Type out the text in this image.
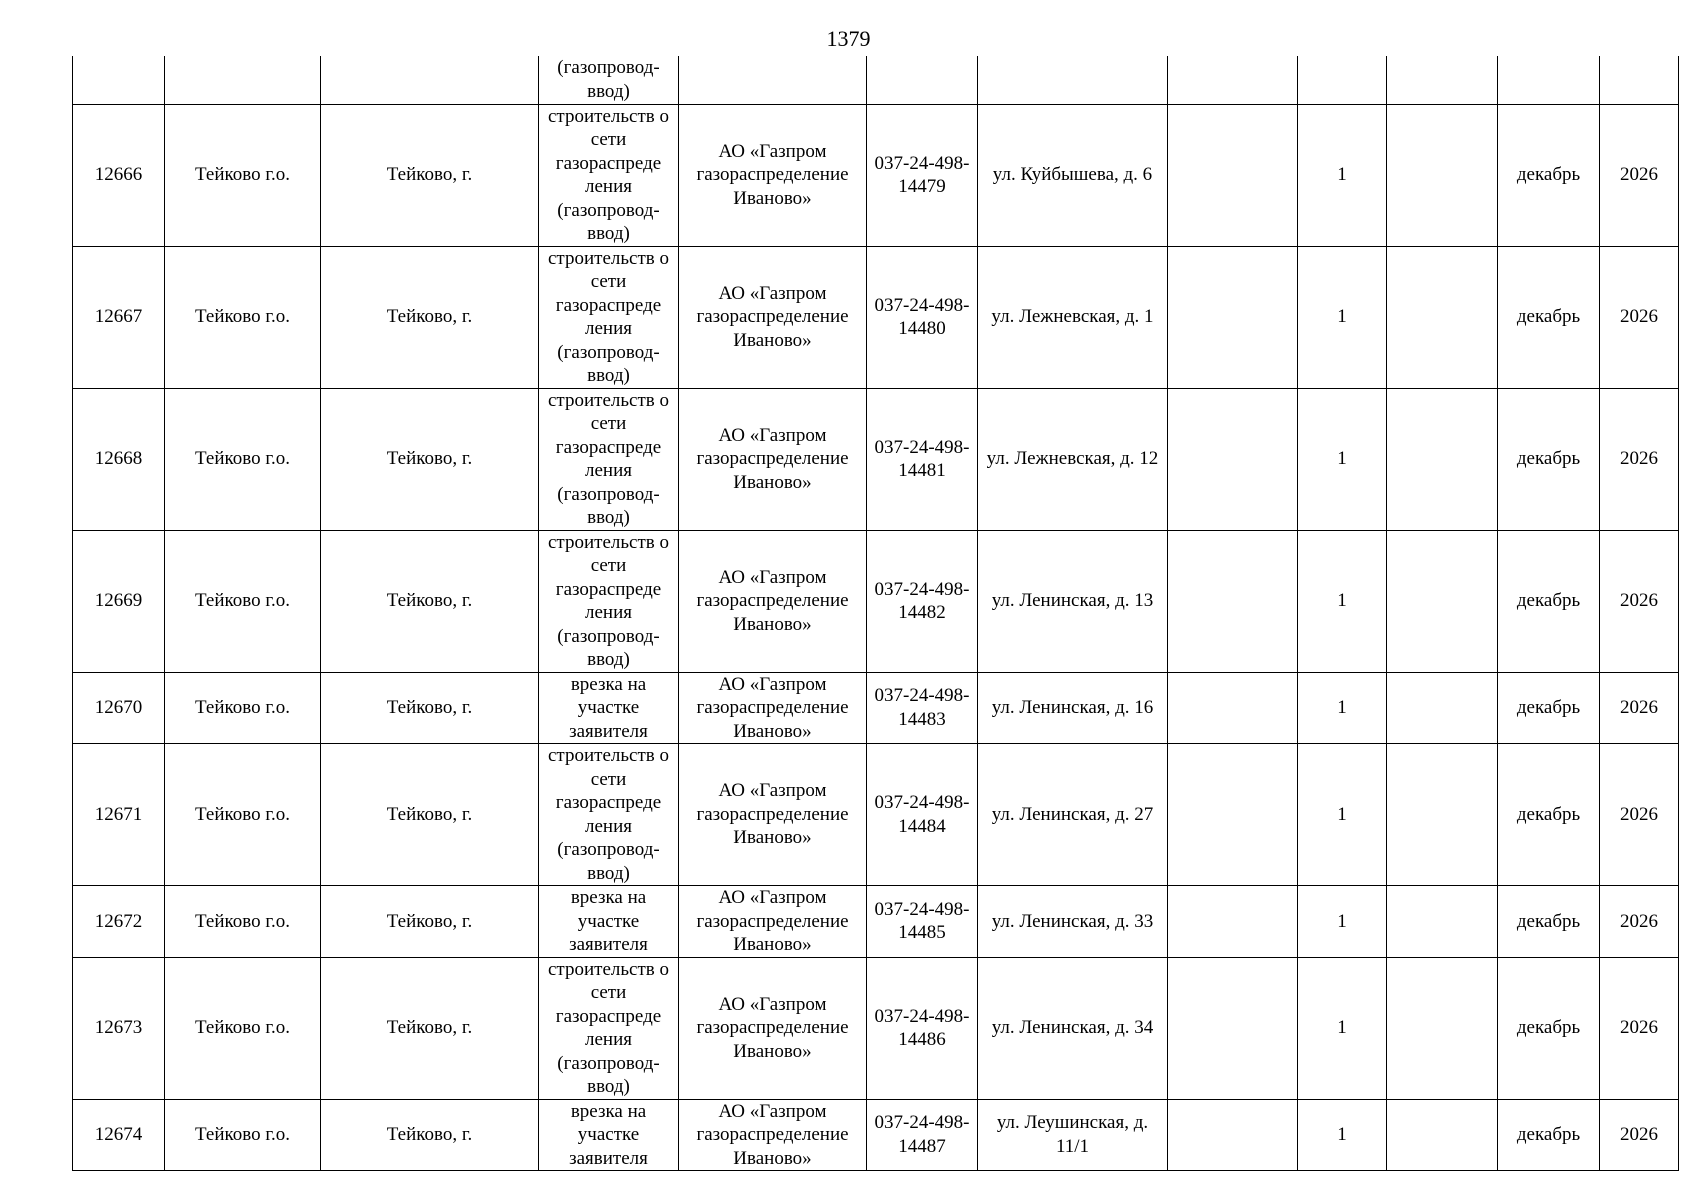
1379
			(газопровод-
ввод)								
12666	Тейково г.о.	Тейково, г.	строительств о сети газораспреде ления (газопровод-ввод)	АО «Газпром газораспределение Иваново»	037-24-498-14479	ул. Куйбышева, д. 6		1		декабрь	2026
12667	Тейково г.о.	Тейково, г.	строительств о сети газораспреде ления (газопровод-ввод)	АО «Газпром газораспределение Иваново»	037-24-498-14480	ул. Лежневская, д. 1		1		декабрь	2026
12668	Тейково г.о.	Тейково, г.	строительств о сети газораспреде ления (газопровод-ввод)	АО «Газпром газораспределение Иваново»	037-24-498-14481	ул. Лежневская, д. 12		1		декабрь	2026
12669	Тейково г.о.	Тейково, г.	строительств о сети газораспреде ления (газопровод-ввод)	АО «Газпром газораспределение Иваново»	037-24-498-14482	ул. Ленинская, д. 13		1		декабрь	2026
12670	Тейково г.о.	Тейково, г.	врезка на участке заявителя	АО «Газпром газораспределение Иваново»	037-24-498-14483	ул. Ленинская, д. 16		1		декабрь	2026
12671	Тейково г.о.	Тейково, г.	строительств о сети газораспреде ления (газопровод-ввод)	АО «Газпром газораспределение Иваново»	037-24-498-14484	ул. Ленинская, д. 27		1		декабрь	2026
12672	Тейково г.о.	Тейково, г.	врезка на участке заявителя	АО «Газпром газораспределение Иваново»	037-24-498-14485	ул. Ленинская, д. 33		1		декабрь	2026
12673	Тейково г.о.	Тейково, г.	строительств о сети газораспреде ления (газопровод-ввод)	АО «Газпром газораспределение Иваново»	037-24-498-14486	ул. Ленинская, д. 34		1		декабрь	2026
12674	Тейково г.о.	Тейково, г.	врезка на участке заявителя	АО «Газпром газораспределение Иваново»	037-24-498-14487	ул. Леушинская, д. 11/1		1		декабрь	2026
